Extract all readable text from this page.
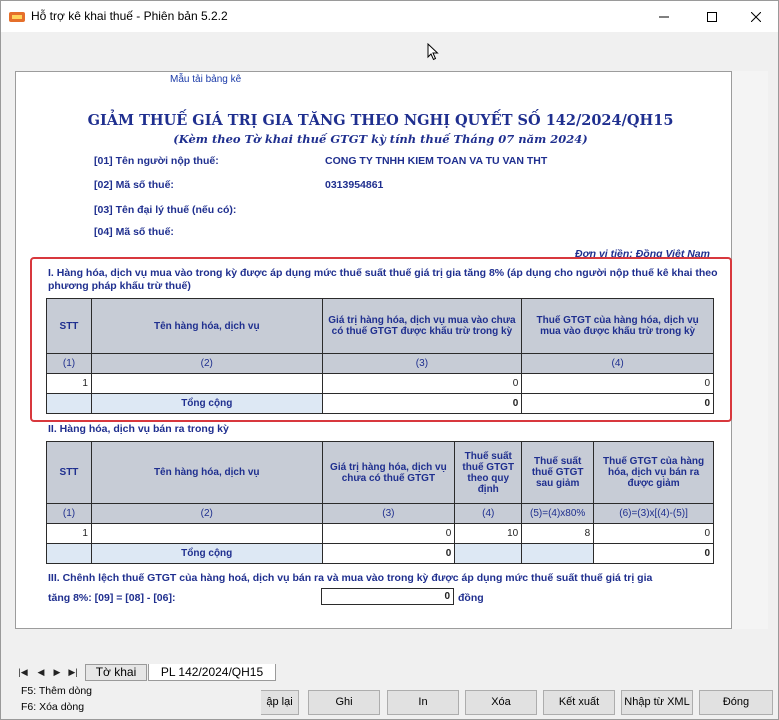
Hỗ trợ kê khai thuế - Phiên bản 5.2.2
Mẫu tải bảng kê
GIẢM THUẾ GIÁ TRỊ GIA TĂNG THEO NGHỊ QUYẾT SỐ 142/2024/QH15
(Kèm theo Tờ khai thuế GTGT kỳ tính thuế Tháng 07 năm 2024)
[01] Tên người nộp thuế:	CONG TY TNHH KIEM TOAN VA TU VAN THT
[02] Mã số thuế:	0313954861
[03] Tên đại lý thuế (nếu có):
[04] Mã số thuế:
Đơn vị tiền: Đồng Việt Nam
I. Hàng hóa, dịch vụ mua vào trong kỳ được áp dụng mức thuế suất thuế giá trị gia tăng 8% (áp dụng cho người nộp thuế kê khai theo phương pháp khấu trừ thuế)
STT	Tên hàng hóa, dịch vụ	Giá trị hàng hóa, dịch vụ mua vào chưa có thuế GTGT được khấu trừ trong kỳ	Thuế GTGT của hàng hóa, dịch vụ mua vào được khấu trừ trong kỳ
(1)	(2)	(3)	(4)
1		0	0
	Tổng cộng	0	0
II. Hàng hóa, dịch vụ bán ra trong kỳ
STT	Tên hàng hóa, dịch vụ	Giá trị hàng hóa, dịch vụ chưa có thuế GTGT	Thuế suất thuế GTGT theo quy định	Thuế suất thuế GTGT sau giảm	Thuế GTGT của hàng hóa, dịch vụ bán ra được giảm
(1)	(2)	(3)	(4)	(5)=(4)x80%	(6)=(3)x[(4)-(5)]
1		0	10	8	0
	Tổng cộng	0			0
III. Chênh lệch thuế GTGT của hàng hoá, dịch vụ bán ra và mua vào trong kỳ được áp dụng mức thuế suất thuế giá trị gia
tăng 8%: [09] = [08] - [06]:	0 đồng
|◀ ◀ ▶ ▶|	Tờ khai	PL 142/2024/QH15
F5: Thêm dòng
F6: Xóa dòng	ập lại	Ghi	In	Xóa	Kết xuất	Nhập từ XML	Đóng
